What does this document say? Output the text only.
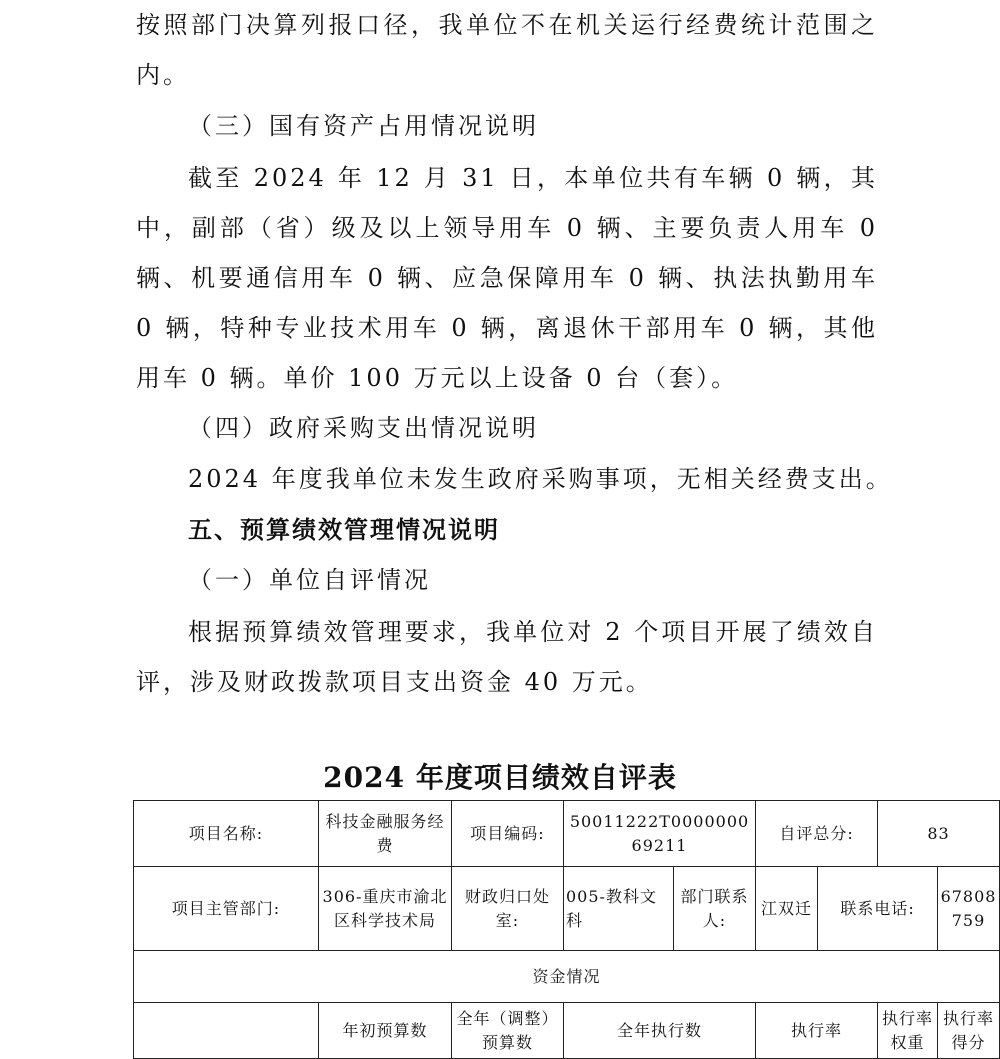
按照部门决算列报口径，我单位不在机关运行经费统计范围之内。

（三）国有资产占用情况说明

截至 2024 年 12 月 31 日，本单位共有车辆 0 辆，其中，副部（省）级及以上领导用车 0 辆、主要负责人用车 0 辆、机要通信用车 0 辆、应急保障用车 0 辆、执法执勤用车 0 辆，特种专业技术用车 0 辆，离退休干部用车 0 辆，其他用车 0 辆。单价 100 万元以上设备 0 台（套）。

（四）政府采购支出情况说明

2024 年度我单位未发生政府采购事项，无相关经费支出。

五、预算绩效管理情况说明

（一）单位自评情况

根据预算绩效管理要求，我单位对 2 个项目开展了绩效自评，涉及财政拨款项目支出资金 40 万元。

2024 年度项目绩效自评表
项目名称:	科技金融服务经费	项目编码:	50011222T000000069211		自评总分:		83	
项目主管部门:	306-重庆市渝北区科学技术局	财政归口处室:	005-教科文科	部门联系人:	江双迁	联系电话:		67808759
资金情况								
	年初预算数	全年（调整）预算数	全年执行数		执行率		执行率权重	执行率得分
